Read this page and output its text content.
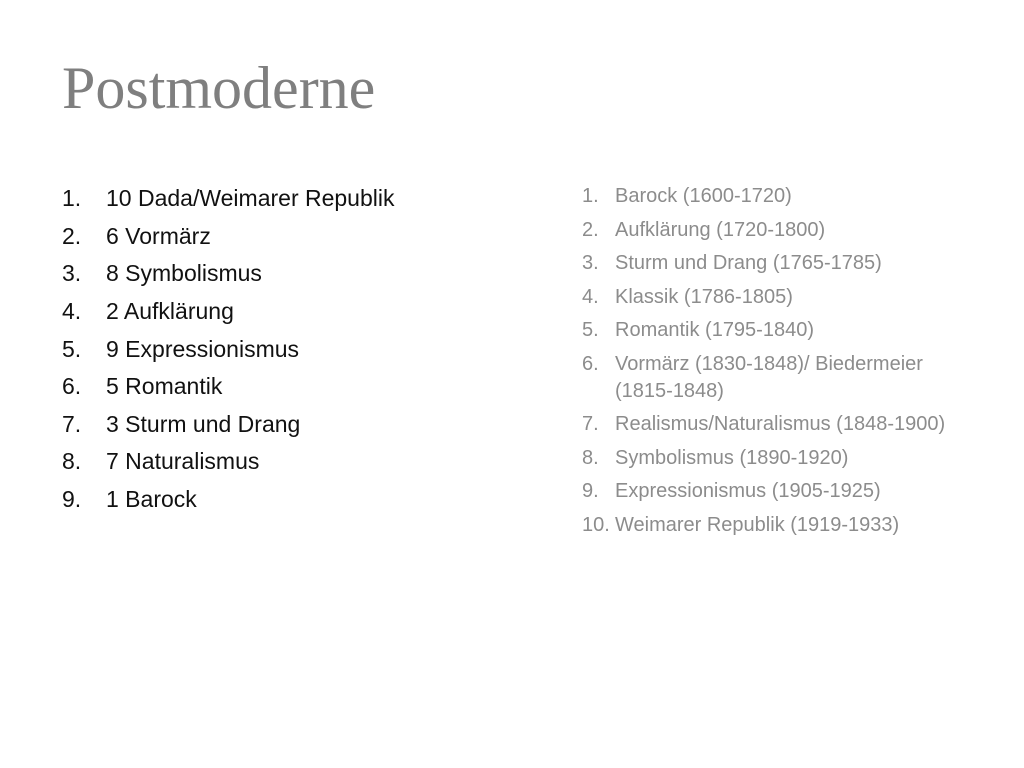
Postmoderne
1.	10 Dada/Weimarer Republik
2.	6 Vormärz
3.	8 Symbolismus
4.	2 Aufklärung
5.	9 Expressionismus
6.	5 Romantik
7.	3 Sturm und Drang
8.	7 Naturalismus
9.	1 Barock
1. Barock (1600-1720)
2. Aufklärung (1720-1800)
3. Sturm und Drang (1765-1785)
4. Klassik (1786-1805)
5. Romantik (1795-1840)
6. Vormärz (1830-1848)/ Biedermeier (1815-1848)
7. Realismus/Naturalismus (1848-1900)
8. Symbolismus (1890-1920)
9. Expressionismus (1905-1925)
10. Weimarer Republik (1919-1933)
